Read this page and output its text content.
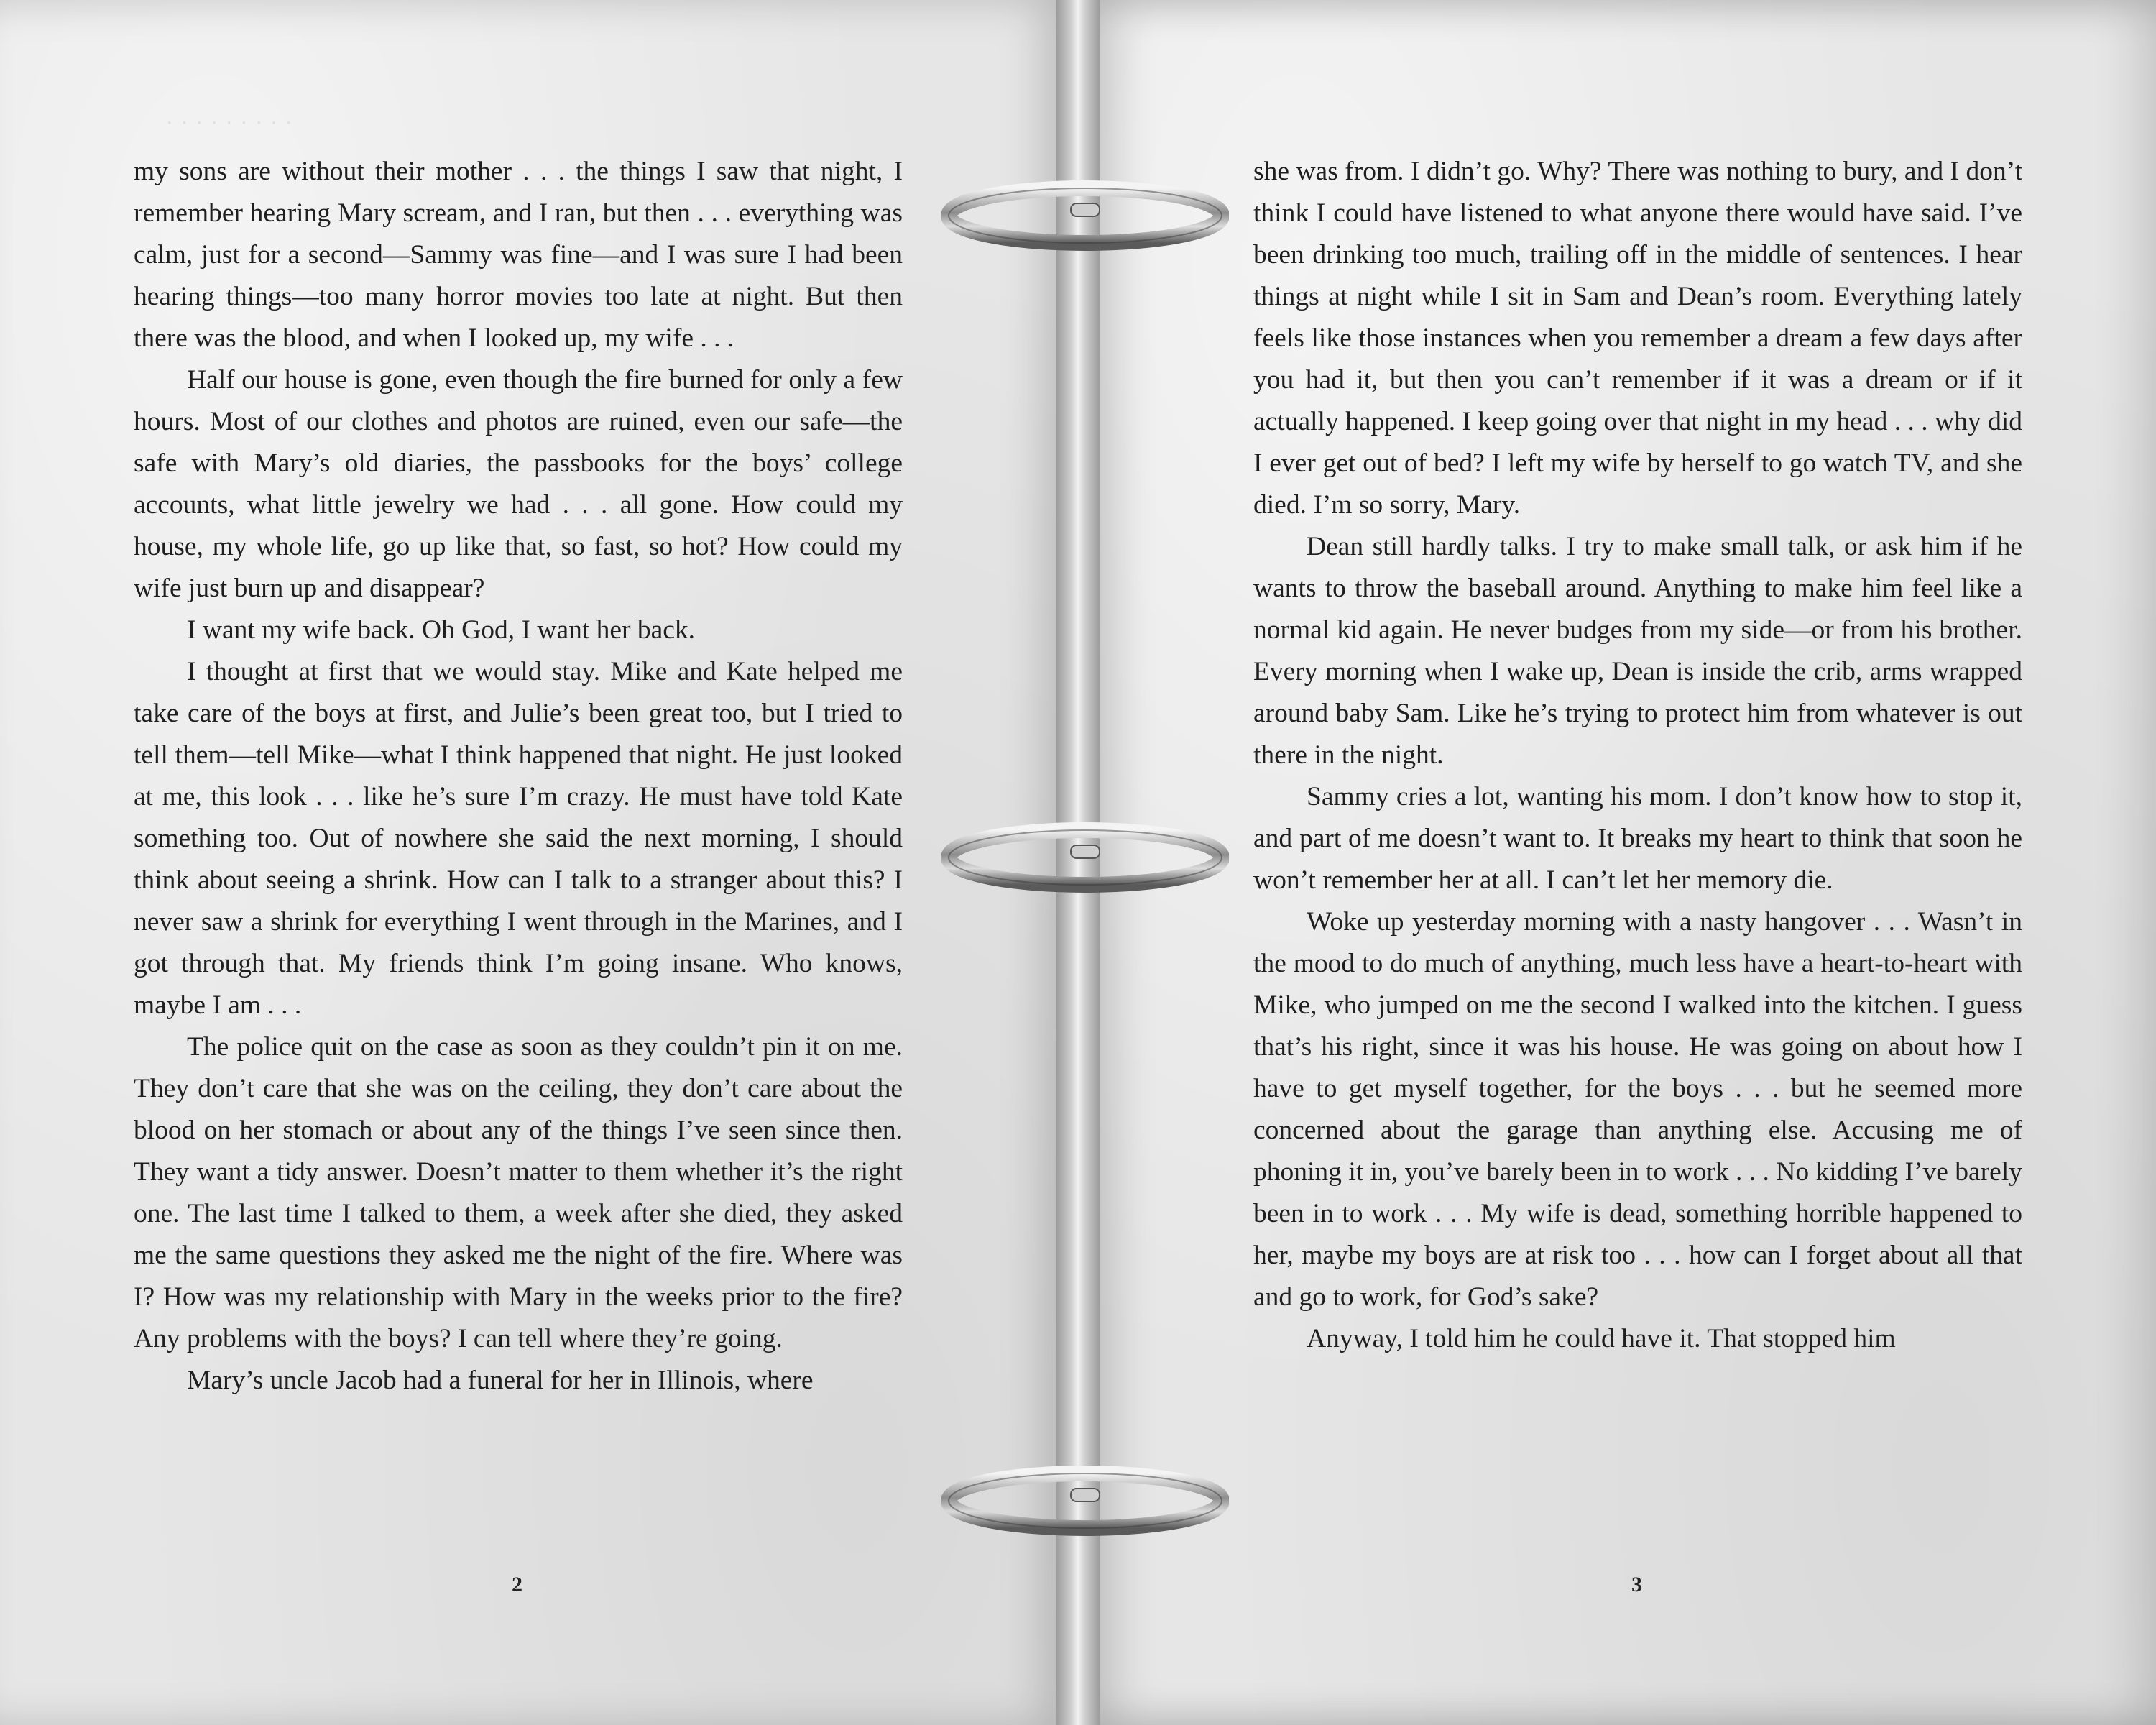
· · · · · · · · ·

my sons are without their mother . . . the things I saw that night, I remember hearing Mary scream, and I ran, but then . . . everything was calm, just for a second—Sammy was fine—and I was sure I had been hearing things—too many horror movies too late at night. But then there was the blood, and when I looked up, my wife . . .

Half our house is gone, even though the fire burned for only a few hours. Most of our clothes and photos are ruined, even our safe—the safe with Mary’s old diaries, the passbooks for the boys’ college accounts, what little jewelry we had . . . all gone. How could my house, my whole life, go up like that, so fast, so hot? How could my wife just burn up and disappear?

I want my wife back. Oh God, I want her back.

I thought at first that we would stay. Mike and Kate helped me take care of the boys at first, and Julie’s been great too, but I tried to tell them—tell Mike—what I think happened that night. He just looked at me, this look . . . like he’s sure I’m crazy. He must have told Kate something too. Out of nowhere she said the next morning, I should think about seeing a shrink. How can I talk to a stranger about this? I never saw a shrink for everything I went through in the Marines, and I got through that. My friends think I’m going insane. Who knows, maybe I am . . .

The police quit on the case as soon as they couldn’t pin it on me. They don’t care that she was on the ceiling, they don’t care about the blood on her stomach or about any of the things I’ve seen since then. They want a tidy answer. Doesn’t matter to them whether it’s the right one. The last time I talked to them, a week after she died, they asked me the same questions they asked me the night of the fire. Where was I? How was my relationship with Mary in the weeks prior to the fire? Any problems with the boys? I can tell where they’re going.

Mary’s uncle Jacob had a funeral for her in Illinois, where

she was from. I didn’t go. Why? There was nothing to bury, and I don’t think I could have listened to what anyone there would have said. I’ve been drinking too much, trailing off in the middle of sentences. I hear things at night while I sit in Sam and Dean’s room. Everything lately feels like those instances when you remember a dream a few days after you had it, but then you can’t remember if it was a dream or if it actually happened. I keep going over that night in my head . . . why did I ever get out of bed? I left my wife by herself to go watch TV, and she died. I’m so sorry, Mary.

Dean still hardly talks. I try to make small talk, or ask him if he wants to throw the baseball around. Anything to make him feel like a normal kid again. He never budges from my side—or from his brother. Every morning when I wake up, Dean is inside the crib, arms wrapped around baby Sam. Like he’s trying to protect him from whatever is out there in the night.

Sammy cries a lot, wanting his mom. I don’t know how to stop it, and part of me doesn’t want to. It breaks my heart to think that soon he won’t remember her at all. I can’t let her memory die.

Woke up yesterday morning with a nasty hangover . . . Wasn’t in the mood to do much of anything, much less have a heart-to-heart with Mike, who jumped on me the second I walked into the kitchen. I guess that’s his right, since it was his house. He was going on about how I have to get myself together, for the boys . . . but he seemed more concerned about the garage than anything else. Accusing me of phoning it in, you’ve barely been in to work . . . No kidding I’ve barely been in to work . . . My wife is dead, something horrible happened to her, maybe my boys are at risk too . . . how can I forget about all that and go to work, for God’s sake?

Anyway, I told him he could have it. That stopped him

2	3
